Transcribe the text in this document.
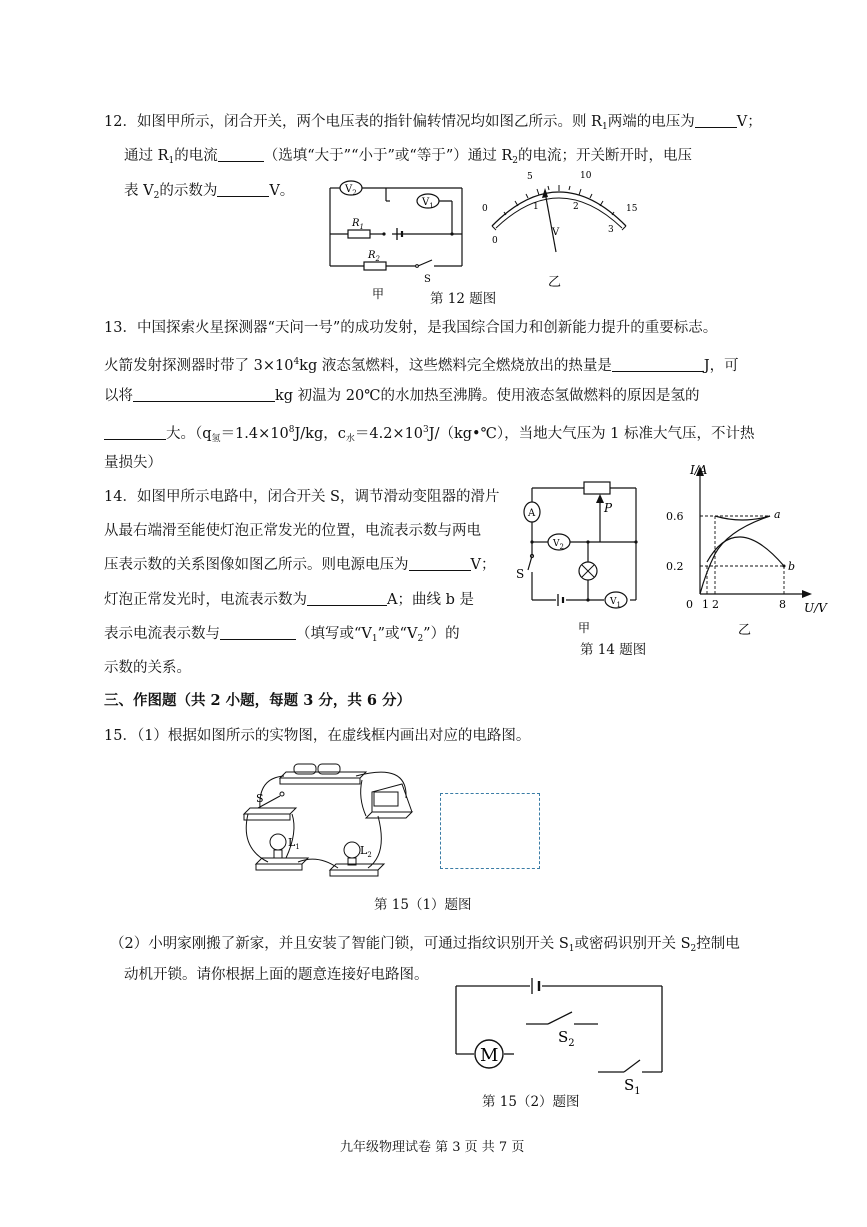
12．如图甲所示，闭合开关，两个电压表的指针偏转情况均如图乙所示。则 $R_1$两端的电压为	V；
通过 $R_1$的电流	（选填“大于”“小于”或“等于”）通过 $R_2$的电流；开关断开时，电压
表 $V_2$的示数为	V。	$V_2$
$V_1$
$R_1$
$R_2$
S
甲
0
5	10
15
0
1	2
3
V
乙
第 12 题图
13．中国探索火星探测器“天问一号”的成功发射，是我国综合国力和创新能力提升的重要标志。
火箭发射探测器时带了 $3\times 10^4kg$ 液态氢燃料，这些燃料完全燃烧放出的热量是	J，可
以将	kg 初温为 20℃的水加热至沸腾。使用液态氢做燃料的原因是氢的
大。（$q_氢=1.4\times 10^8J/kg$，$c_水=4.2\times 10^3J/(kg•℃)$，当地大气压为 1 标准大气压，不计热
量损失）
14．如图甲所示电路中，闭合开关 S，调节滑动变阻器的滑片
从最右端滑至能使灯泡正常发光的位置，电流表示数与两电
压表示数的关系图像如图乙所示。则电源电压为	V；
灯泡正常发光时，电流表示数为	A；曲线 b 是
表示电流表示数与	（填写或“$V_1$”或“$V_2$”）的
示数的关系。
A
$V_2$
$V_1$
P
S
甲
第 14 题图
I/A
U/V
0.6
0.2
0 1 2	8
a
b
乙
三、作图题（共 2 小题，每题 3 分，共 6 分）
15．（1）根据如图所示的实物图，在虚线框内画出对应的电路图。
S
$L_1$	$L_2$
第 15（1）题图
（2）小明家刚搬了新家，并且安装了智能门锁，可通过指纹识别开关 $S_1$或密码识别开关 $S_2$控制电
动机开锁。请你根据上面的题意连接好电路图。
M
$S_2$
$S_1$
第 15（2）题图
九年级物理试卷 第 3 页 共 7 页
